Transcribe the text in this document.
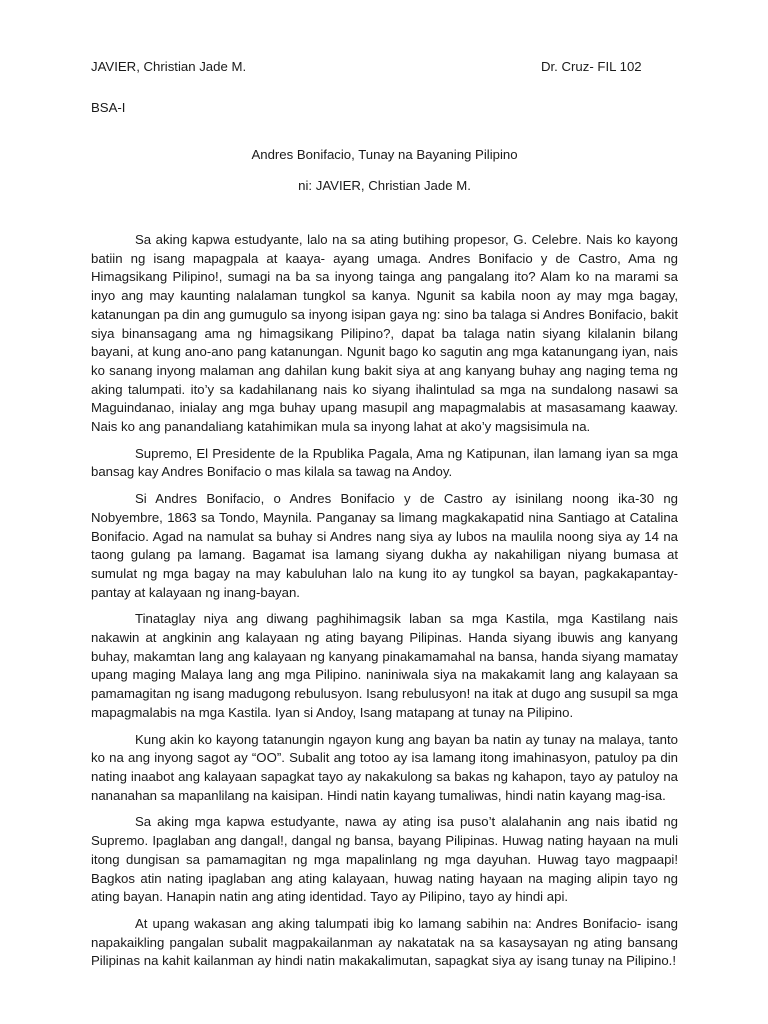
JAVIER, Christian Jade M.	Dr. Cruz- FIL 102
BSA-I
Andres Bonifacio, Tunay na Bayaning Pilipino
ni: JAVIER, Christian Jade M.

Sa aking kapwa estudyante, lalo na sa ating butihing propesor, G. Celebre. Nais ko kayong batiin ng isang mapagpala at kaaya- ayang umaga. Andres Bonifacio y de Castro, Ama ng Himagsikang Pilipino!, sumagi na ba sa inyong tainga ang pangalang ito? Alam ko na marami sa inyo ang may kaunting nalalaman tungkol sa kanya. Ngunit sa kabila noon ay may mga bagay, katanungan pa din ang gumugulo sa inyong isipan gaya ng: sino ba talaga si Andres Bonifacio, bakit siya binansagang ama ng himagsikang Pilipino?, dapat ba talaga natin siyang kilalanin bilang bayani, at kung ano-ano pang katanungan. Ngunit bago ko sagutin ang mga katanungang iyan, nais ko sanang inyong malaman ang dahilan kung bakit siya at ang kanyang buhay ang naging tema ng aking talumpati. ito’y sa kadahilanang nais ko siyang ihalintulad sa mga na sundalong nasawi sa Maguindanao, inialay ang mga buhay upang masupil ang mapagmalabis at masasamang kaaway. Nais ko ang panandaliang katahimikan mula sa inyong lahat at ako’y magsisimula na.

Supremo, El Presidente de la Rpublika Pagala, Ama ng Katipunan, ilan lamang iyan sa mga bansag kay Andres Bonifacio o mas kilala sa tawag na Andoy.

Si Andres Bonifacio, o Andres Bonifacio y de Castro ay isinilang noong ika-30 ng Nobyembre, 1863 sa Tondo, Maynila. Panganay sa limang magkakapatid nina Santiago at Catalina Bonifacio. Agad na namulat sa buhay si Andres nang siya ay lubos na maulila noong siya ay 14 na taong gulang pa lamang. Bagamat isa lamang siyang dukha ay nakahiligan niyang bumasa at sumulat ng mga bagay na may kabuluhan lalo na kung ito ay tungkol sa bayan, pagkakapantay-pantay at kalayaan ng inang-bayan.

Tinataglay niya ang diwang paghihimagsik laban sa mga Kastila, mga Kastilang nais nakawin at angkinin ang kalayaan ng ating bayang Pilipinas. Handa siyang ibuwis ang kanyang buhay, makamtan lang ang kalayaan ng kanyang pinakamamahal na bansa, handa siyang mamatay upang maging Malaya lang ang mga Pilipino. naniniwala siya na makakamit lang ang kalayaan sa pamamagitan ng isang madugong rebulusyon. Isang rebulusyon! na itak at dugo ang susupil sa mga mapagmalabis na mga Kastila. Iyan si Andoy, Isang matapang at tunay na Pilipino.

Kung akin ko kayong tatanungin ngayon kung ang bayan ba natin ay tunay na malaya, tanto ko na ang inyong sagot ay “OO”. Subalit ang totoo ay isa lamang itong imahinasyon, patuloy pa din nating inaabot ang kalayaan sapagkat tayo ay nakakulong sa bakas ng kahapon, tayo ay patuloy na nananahan sa mapanlilang na kaisipan. Hindi natin kayang tumaliwas, hindi natin kayang mag-isa.

Sa aking mga kapwa estudyante, nawa ay ating isa puso’t alalahanin ang nais ibatid ng Supremo. Ipaglaban ang dangal!, dangal ng bansa, bayang Pilipinas. Huwag nating hayaan na muli itong dungisan sa pamamagitan ng mga mapalinlang ng mga dayuhan. Huwag tayo magpaapi! Bagkos atin nating ipaglaban ang ating kalayaan, huwag nating hayaan na maging alipin tayo ng ating bayan. Hanapin natin ang ating identidad. Tayo ay Pilipino, tayo ay hindi api.

At upang wakasan ang aking talumpati ibig ko lamang sabihin na: Andres Bonifacio- isang napakaikling pangalan subalit magpakailanman ay nakatatak na sa kasaysayan ng ating bansang Pilipinas na kahit kailanman ay hindi natin makakalimutan, sapagkat siya ay isang tunay na Pilipino.!
